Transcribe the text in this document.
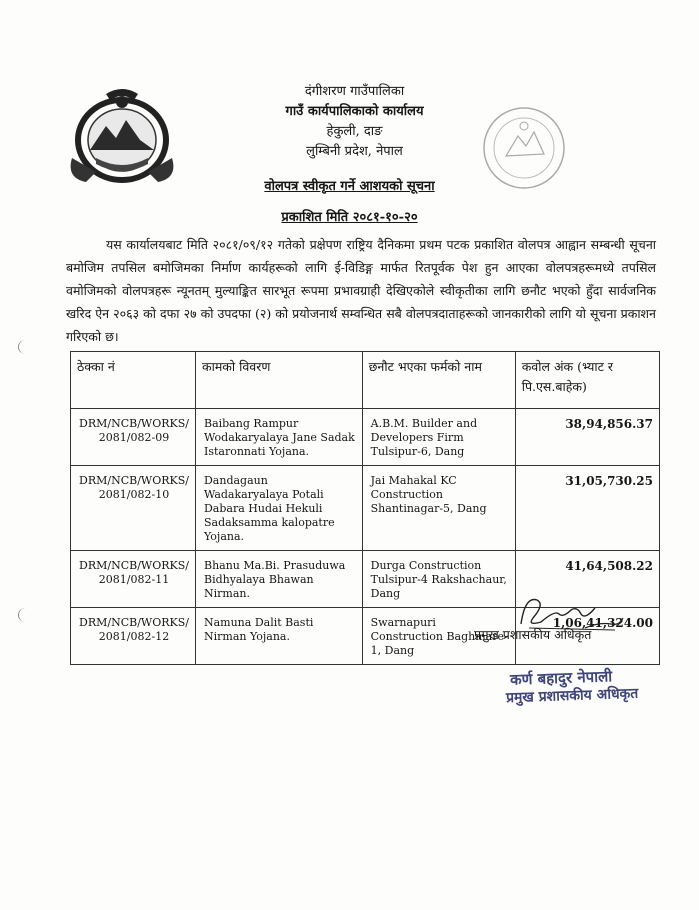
दंगीशरण गाउँपालिका
गाउँ कार्यपालिकाको कार्यालय
हेकुली, दाङ
लुम्बिनी प्रदेश, नेपाल
वोलपत्र स्वीकृत गर्ने आशयको सूचना
प्रकाशित मिति २०८१-१०-२०
यस कार्यालयबाट मिति २०८१/०९/१२ गतेको प्रक्षेपण राष्ट्रिय दैनिकमा प्रथम पटक प्रकाशित वोलपत्र आह्वान सम्बन्धी सूचना बमोजिम तपसिल बमोजिमका निर्माण कार्यहरूको लागि ई-विडिङ्ग मार्फत रितपूर्वक पेश हुन आएका वोलपत्रहरूमध्ये तपसिल वमोजिमको वोलपत्रहरू न्यूनतम् मुल्याङ्कित सारभूत रूपमा प्रभावग्राही देखिएकोले स्वीकृतीका लागि छनौट भएको हुँदा सार्वजनिक खरिद ऐन २०६३ को दफा २७ को उपदफा (२) को प्रयोजनार्थ सम्वन्धित सबै वोलपत्रदाताहरूको जानकारीको लागि यो सूचना प्रकाशन गरिएको छ।
ठेक्का नं	कामको विवरण	छनौट भएका फर्मको नाम	कवोल अंक (भ्याट र पि.एस.बाहेक)
DRM/NCB/WORKS/ 2081/082-09	Baibang Rampur Wodakaryalaya Jane Sadak Istaronnati Yojana.	A.B.M. Builder and Developers Firm Tulsipur-6, Dang	38,94,856.37
DRM/NCB/WORKS/ 2081/082-10	Dandagaun Wadakaryalaya Potali Dabara Hudai Hekuli Sadaksamma kalopatre Yojana.	Jai Mahakal KC Construction Shantinagar-5, Dang	31,05,730.25
DRM/NCB/WORKS/ 2081/082-11	Bhanu Ma.Bi. Prasuduwa Bidhyalaya Bhawan Nirman.	Durga Construction Tulsipur-4 Rakshachaur, Dang	41,64,508.22
DRM/NCB/WORKS/ 2081/082-12	Namuna Dalit Basti Nirman Yojana.	Swarnapuri Construction Baghmare-1, Dang	1,06,41,324.00
प्रमुख प्रशासकीय अधिकृत
कर्ण बहादुर नेपाली
प्रमुख प्रशासकीय अधिकृत
